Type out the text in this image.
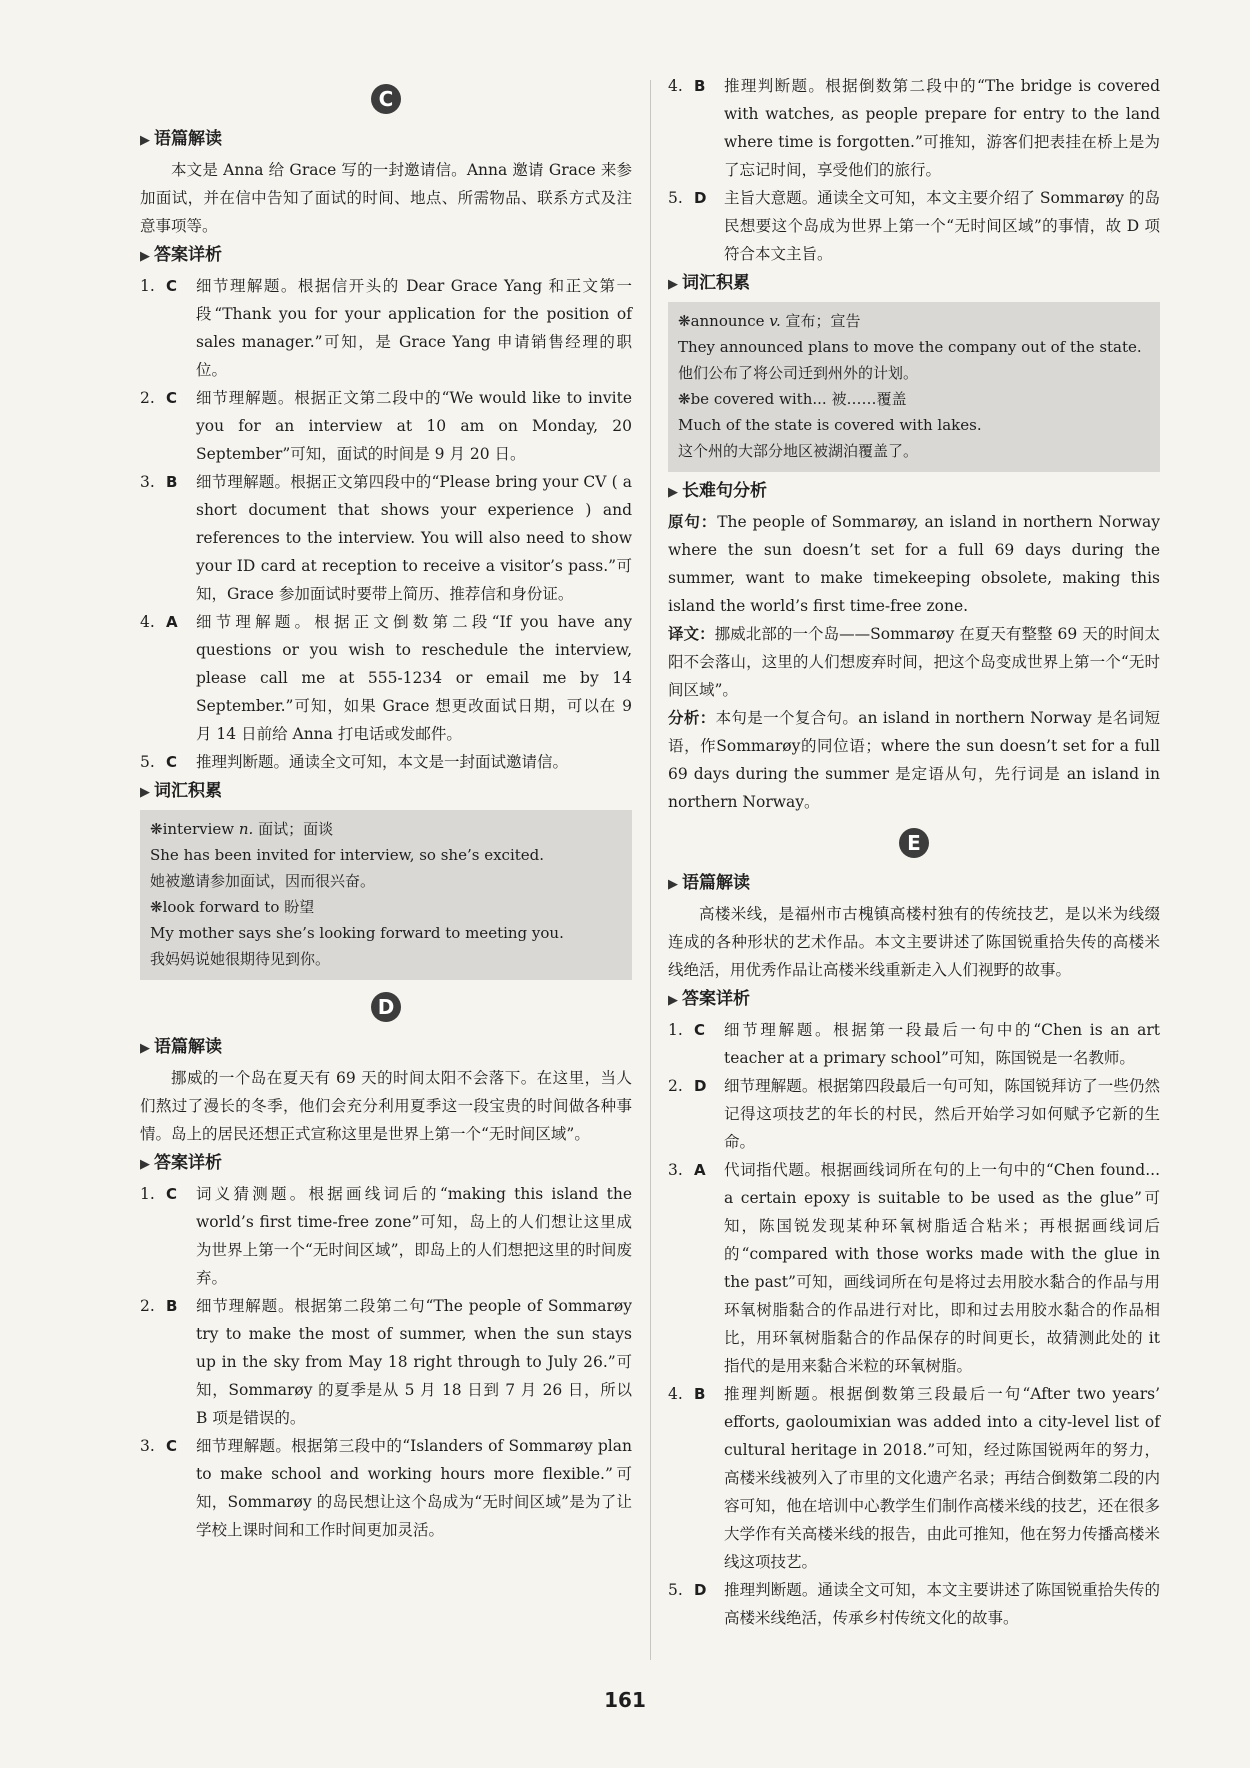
C
▶ 语篇解读

本文是 Anna 给 Grace 写的一封邀请信。Anna 邀请 Grace 来参加面试，并在信中告知了面试的时间、地点、所需物品、联系方式及注意事项等。

▶ 答案详析
1. C	细节理解题。根据信开头的 Dear Grace Yang 和正文第一段“Thank you for your application for the position of sales manager.”可知，是 Grace Yang 申请销售经理的职位。
2. C	细节理解题。根据正文第二段中的“We would like to invite you for an interview at 10 am on Monday, 20 September”可知，面试的时间是 9 月 20 日。
3. B	细节理解题。根据正文第四段中的“Please bring your CV ( a short document that shows your experience ) and references to the interview. You will also need to show your ID card at reception to receive a visitor’s pass.”可知，Grace 参加面试时要带上简历、推荐信和身份证。
4. A	细节理解题。根据正文倒数第二段“If you have any questions or you wish to reschedule the interview, please call me at 555-1234 or email me by 14 September.”可知，如果 Grace 想更改面试日期，可以在 9 月 14 日前给 Anna 打电话或发邮件。
5. C	推理判断题。通读全文可知，本文是一封面试邀请信。
▶ 词汇积累
❋interview n. 面试；面谈
She has been invited for interview, so she’s excited.
她被邀请参加面试，因而很兴奋。
❋look forward to 盼望
My mother says she’s looking forward to meeting you.
我妈妈说她很期待见到你。
D
▶ 语篇解读

挪威的一个岛在夏天有 69 天的时间太阳不会落下。在这里，当人们熬过了漫长的冬季，他们会充分利用夏季这一段宝贵的时间做各种事情。岛上的居民还想正式宣称这里是世界上第一个“无时间区域”。

▶ 答案详析
1. C	词义猜测题。根据画线词后的“making this island the world’s first time-free zone”可知，岛上的人们想让这里成为世界上第一个“无时间区域”，即岛上的人们想把这里的时间废弃。
2. B	细节理解题。根据第二段第二句“The people of Sommarøy try to make the most of summer, when the sun stays up in the sky from May 18 right through to July 26.”可知，Sommarøy 的夏季是从 5 月 18 日到 7 月 26 日，所以 B 项是错误的。
3. C	细节理解题。根据第三段中的“Islanders of Sommarøy plan to make school and working hours more flexible.”可知，Sommarøy 的岛民想让这个岛成为“无时间区域”是为了让学校上课时间和工作时间更加灵活。
4. B	推理判断题。根据倒数第二段中的“The bridge is covered with watches, as people prepare for entry to the land where time is forgotten.”可推知，游客们把表挂在桥上是为了忘记时间，享受他们的旅行。
5. D	主旨大意题。通读全文可知，本文主要介绍了 Sommarøy 的岛民想要这个岛成为世界上第一个“无时间区域”的事情，故 D 项符合本文主旨。
▶ 词汇积累
❋announce v. 宣布；宣告
They announced plans to move the company out of the state.
他们公布了将公司迁到州外的计划。
❋be covered with... 被……覆盖
Much of the state is covered with lakes.
这个州的大部分地区被湖泊覆盖了。
▶ 长难句分析

原句：The people of Sommarøy, an island in northern Norway where the sun doesn’t set for a full 69 days during the summer, want to make timekeeping obsolete, making this island the world’s first time-free zone.

译文：挪威北部的一个岛——Sommarøy 在夏天有整整 69 天的时间太阳不会落山，这里的人们想废弃时间，把这个岛变成世界上第一个“无时间区域”。

分析：本句是一个复合句。an island in northern Norway 是名词短语，作Sommarøy的同位语；where the sun doesn’t set for a full 69 days during the summer 是定语从句，先行词是 an island in northern Norway。

E
▶ 语篇解读

高楼米线，是福州市古槐镇高楼村独有的传统技艺，是以米为线缀连成的各种形状的艺术作品。本文主要讲述了陈国锐重拾失传的高楼米线绝活，用优秀作品让高楼米线重新走入人们视野的故事。

▶ 答案详析
1. C	细节理解题。根据第一段最后一句中的“Chen is an art teacher at a primary school”可知，陈国锐是一名教师。
2. D	细节理解题。根据第四段最后一句可知，陈国锐拜访了一些仍然记得这项技艺的年长的村民，然后开始学习如何赋予它新的生命。
3. A	代词指代题。根据画线词所在句的上一句中的“Chen found... a certain epoxy is suitable to be used as the glue”可知，陈国锐发现某种环氧树脂适合粘米；再根据画线词后的“compared with those works made with the glue in the past”可知，画线词所在句是将过去用胶水黏合的作品与用环氧树脂黏合的作品进行对比，即和过去用胶水黏合的作品相比，用环氧树脂黏合的作品保存的时间更长，故猜测此处的 it 指代的是用来黏合米粒的环氧树脂。
4. B	推理判断题。根据倒数第三段最后一句“After two years’ efforts, gaoloumixian was added into a city-level list of cultural heritage in 2018.”可知，经过陈国锐两年的努力，高楼米线被列入了市里的文化遗产名录；再结合倒数第二段的内容可知，他在培训中心教学生们制作高楼米线的技艺，还在很多大学作有关高楼米线的报告，由此可推知，他在努力传播高楼米线这项技艺。
5. D	推理判断题。通读全文可知，本文主要讲述了陈国锐重拾失传的高楼米线绝活，传承乡村传统文化的故事。
161
